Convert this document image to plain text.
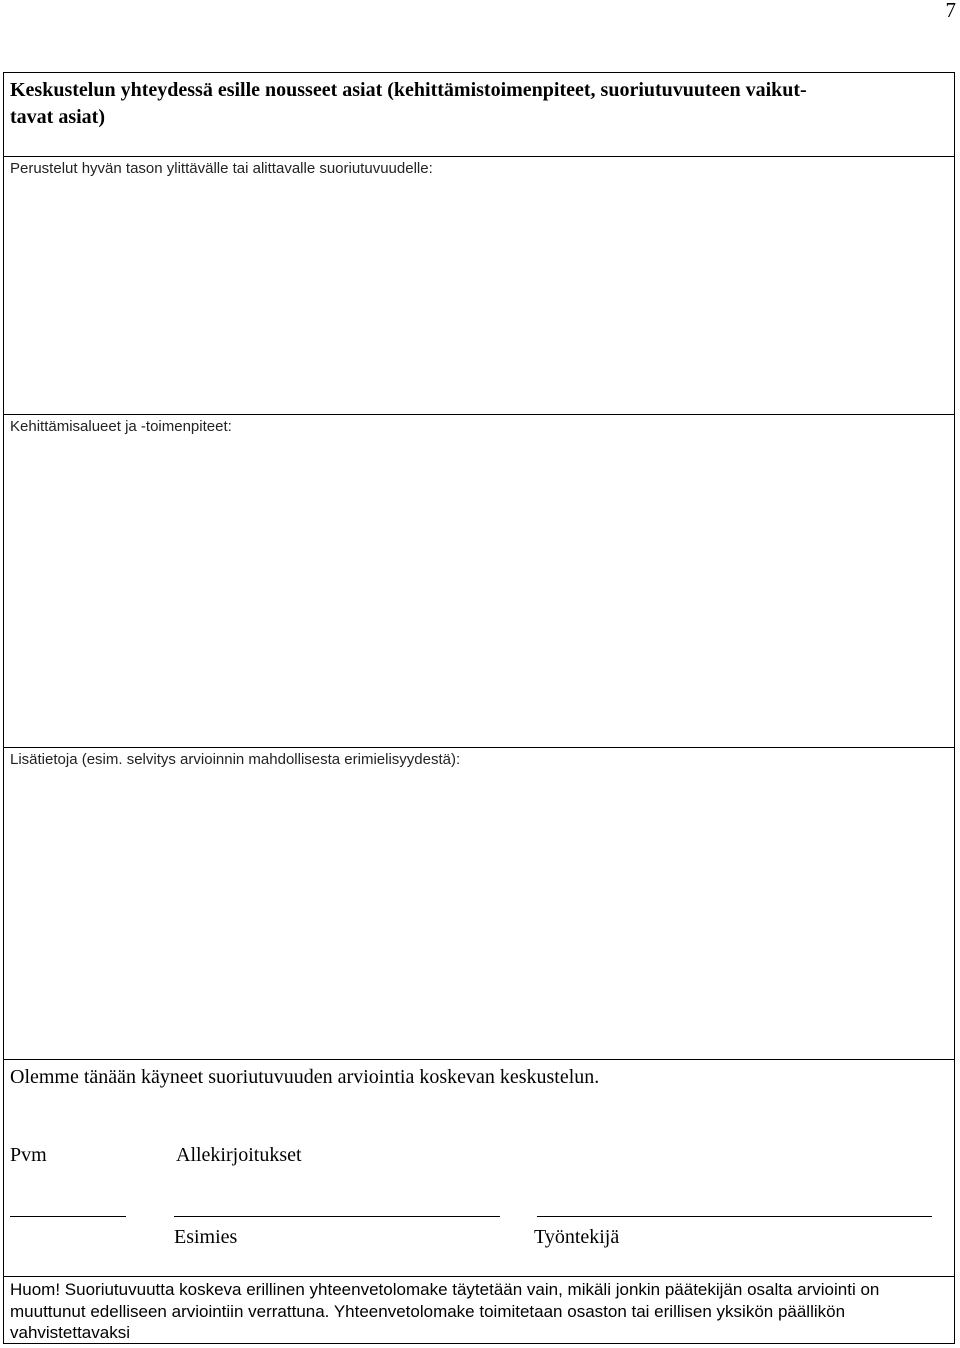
7
Keskustelun yhteydessä esille nousseet asiat (kehittämistoimenpiteet, suoriutuvuuteen vaikut-
tavat asiat)
Perustelut hyvän tason ylittävälle tai alittavalle suoriutuvuudelle:
Kehittämisalueet ja -toimenpiteet:
Lisätietoja (esim. selvitys arvioinnin mahdollisesta erimielisyydestä):
Olemme tänään käyneet suoriutuvuuden arviointia koskevan keskustelun.
Pvm	Allekirjoitukset
Esimies	Työntekijä
Huom! Suoriutuvuutta koskeva erillinen yhteenvetolomake täytetään vain, mikäli jonkin päätekijän osalta arviointi on muuttunut edelliseen arviointiin verrattuna. Yhteenvetolomake toimitetaan osaston tai erillisen yksikön päällikön vahvistettavaksi
